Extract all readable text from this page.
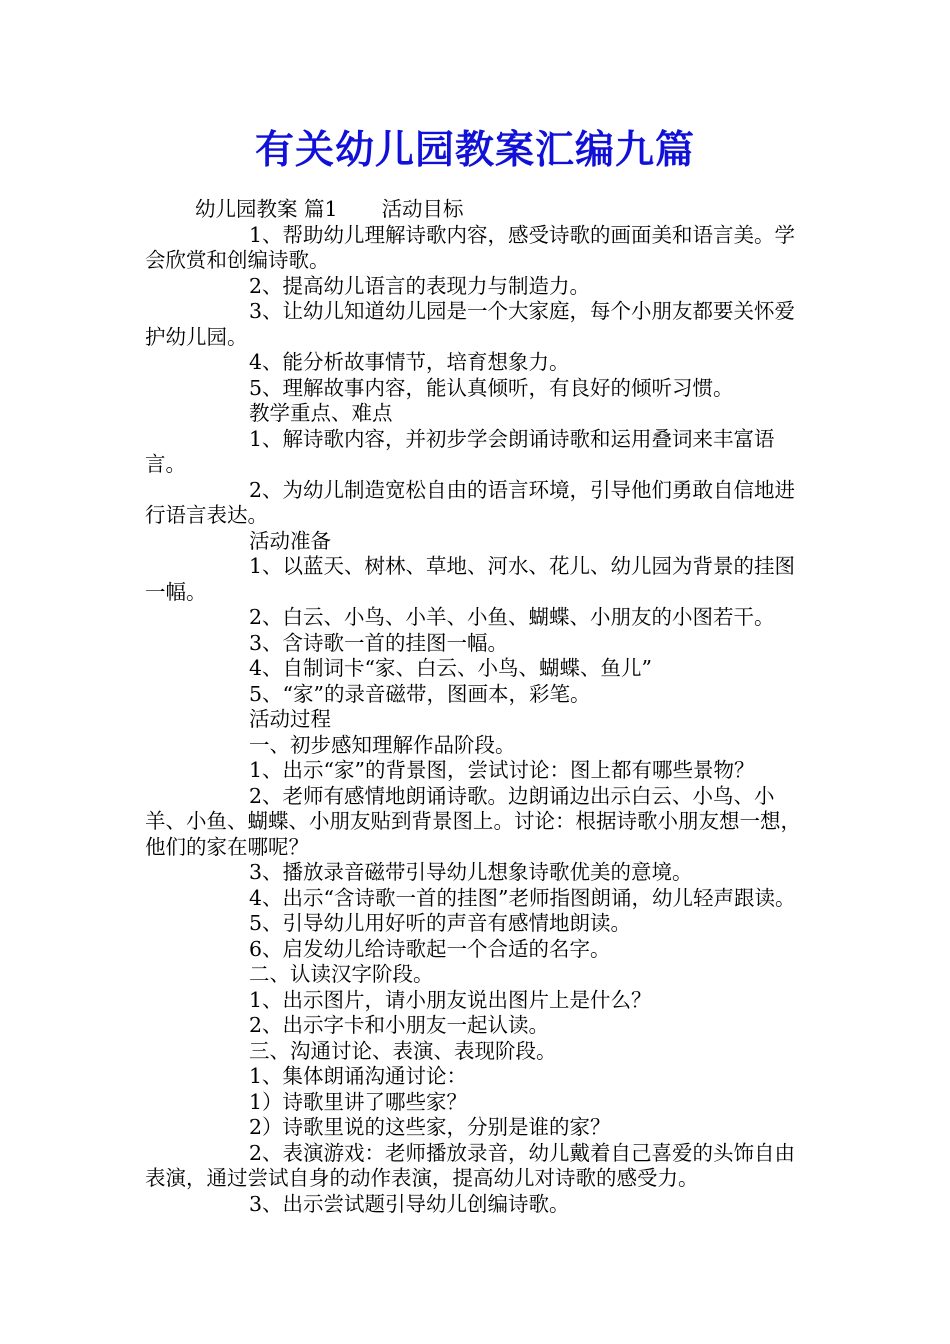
有关幼儿园教案汇编九篇

幼儿园教案 篇1 活动目标

1、帮助幼儿理解诗歌内容，感受诗歌的画面美和语言美。学会欣赏和创编诗歌。

2、提高幼儿语言的表现力与制造力。

3、让幼儿知道幼儿园是一个大家庭，每个小朋友都要关怀爱护幼儿园。

4、能分析故事情节，培育想象力。

5、理解故事内容，能认真倾听，有良好的倾听习惯。

教学重点、难点

1、解诗歌内容，并初步学会朗诵诗歌和运用叠词来丰富语言。

2、为幼儿制造宽松自由的语言环境，引导他们勇敢自信地进行语言表达。

活动准备

1、以蓝天、树林、草地、河水、花儿、幼儿园为背景的挂图一幅。

2、白云、小鸟、小羊、小鱼、蝴蝶、小朋友的小图若干。

3、含诗歌一首的挂图一幅。

4、自制词卡“家、白云、小鸟、蝴蝶、鱼儿”

5、“家”的录音磁带，图画本，彩笔。

活动过程

一、初步感知理解作品阶段。

1、出示“家”的背景图，尝试讨论：图上都有哪些景物？

2、老师有感情地朗诵诗歌。边朗诵边出示白云、小鸟、小羊、小鱼、蝴蝶、小朋友贴到背景图上。讨论：根据诗歌小朋友想一想，他们的家在哪呢？

3、播放录音磁带引导幼儿想象诗歌优美的意境。

4、出示“含诗歌一首的挂图”老师指图朗诵，幼儿轻声跟读。

5、引导幼儿用好听的声音有感情地朗读。

6、启发幼儿给诗歌起一个合适的名字。

二、认读汉字阶段。

1、出示图片，请小朋友说出图片上是什么？

2、出示字卡和小朋友一起认读。

三、沟通讨论、表演、表现阶段。

1、集体朗诵沟通讨论：

1）诗歌里讲了哪些家？

2）诗歌里说的这些家，分别是谁的家？

2、表演游戏：老师播放录音，幼儿戴着自己喜爱的头饰自由表演，通过尝试自身的动作表演，提高幼儿对诗歌的感受力。

3、出示尝试题引导幼儿创编诗歌。
